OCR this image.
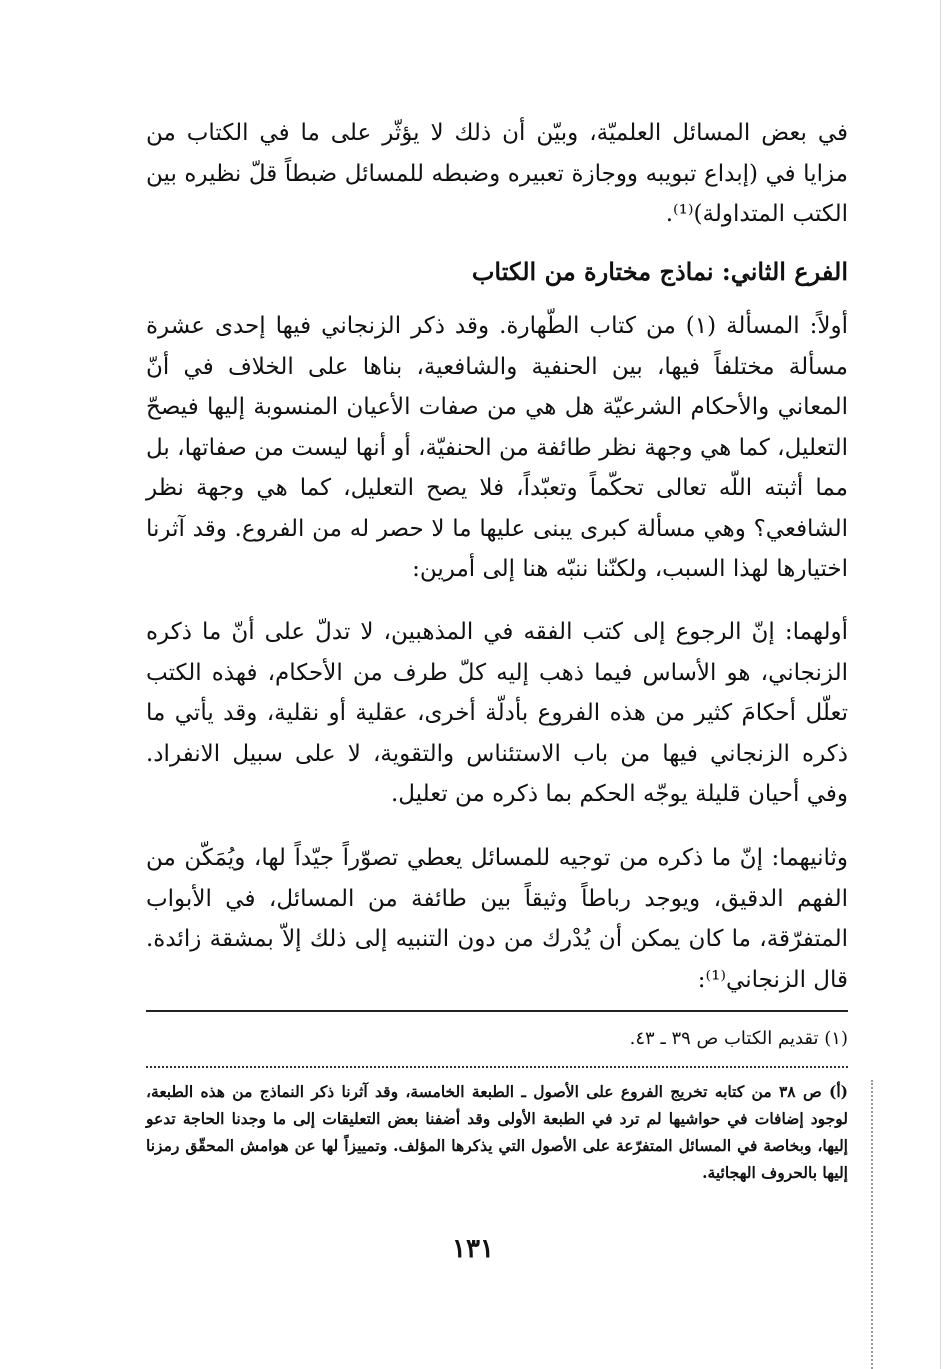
في بعض المسائل العلميّة، وبيّن أن ذلك لا يؤثّر على ما في الكتاب من مزايا في (إبداع تبويبه ووجازة تعبيره وضبطه للمسائل ضبطاً قلّ نظيره بين الكتب المتداولة)⁽¹⁾.

الفرع الثاني: نماذج مختارة من الكتاب

أولاً: المسألة (١) من كتاب الطّهارة. وقد ذكر الزنجاني فيها إحدى عشرة مسألة مختلفاً فيها، بين الحنفية والشافعية، بناها على الخلاف في أنّ المعاني والأحكام الشرعيّة هل هي من صفات الأعيان المنسوبة إليها فيصحّ التعليل، كما هي وجهة نظر طائفة من الحنفيّة، أو أنها ليست من صفاتها، بل مما أثبته اللّه تعالى تحكّماً وتعبّداً، فلا يصح التعليل، كما هي وجهة نظر الشافعي؟ وهي مسألة كبرى يبنى عليها ما لا حصر له من الفروع. وقد آثرنا اختيارها لهذا السبب، ولكنّنا ننبّه هنا إلى أمرين:

أولهما: إنّ الرجوع إلى كتب الفقه في المذهبين، لا تدلّ على أنّ ما ذكره الزنجاني، هو الأساس فيما ذهب إليه كلّ طرف من الأحكام، فهذه الكتب تعلّل أحكامَ كثير من هذه الفروع بأدلّة أخرى، عقلية أو نقلية، وقد يأتي ما ذكره الزنجاني فيها من باب الاستئناس والتقوية، لا على سبيل الانفراد. وفي أحيان قليلة يوجّه الحكم بما ذكره من تعليل.

وثانيهما: إنّ ما ذكره من توجيه للمسائل يعطي تصوّراً جيّداً لها، ويُمَكّن من الفهم الدقيق، ويوجد رباطاً وثيقاً بين طائفة من المسائل، في الأبواب المتفرّقة، ما كان يمكن أن يُدْرك من دون التنبيه إلى ذلك إلاّ بمشقة زائدة. قال الزنجاني⁽¹⁾:

(١) تقديم الكتاب ص ٣٩ ـ ٤٣.

(أ) ص ٣٨ من كتابه تخريج الفروع على الأصول ـ الطبعة الخامسة، وقد آثرنا ذكر النماذج من هذه الطبعة، لوجود إضافات في حواشيها لم ترد في الطبعة الأولى وقد أضفنا بعض التعليقات إلى ما وجدنا الحاجة تدعو إليها، وبخاصة في المسائل المتفرّعة على الأصول التي يذكرها المؤلف. وتمييزاً لها عن هوامش المحقّق رمزنا إليها بالحروف الهجائية.

١٣١
